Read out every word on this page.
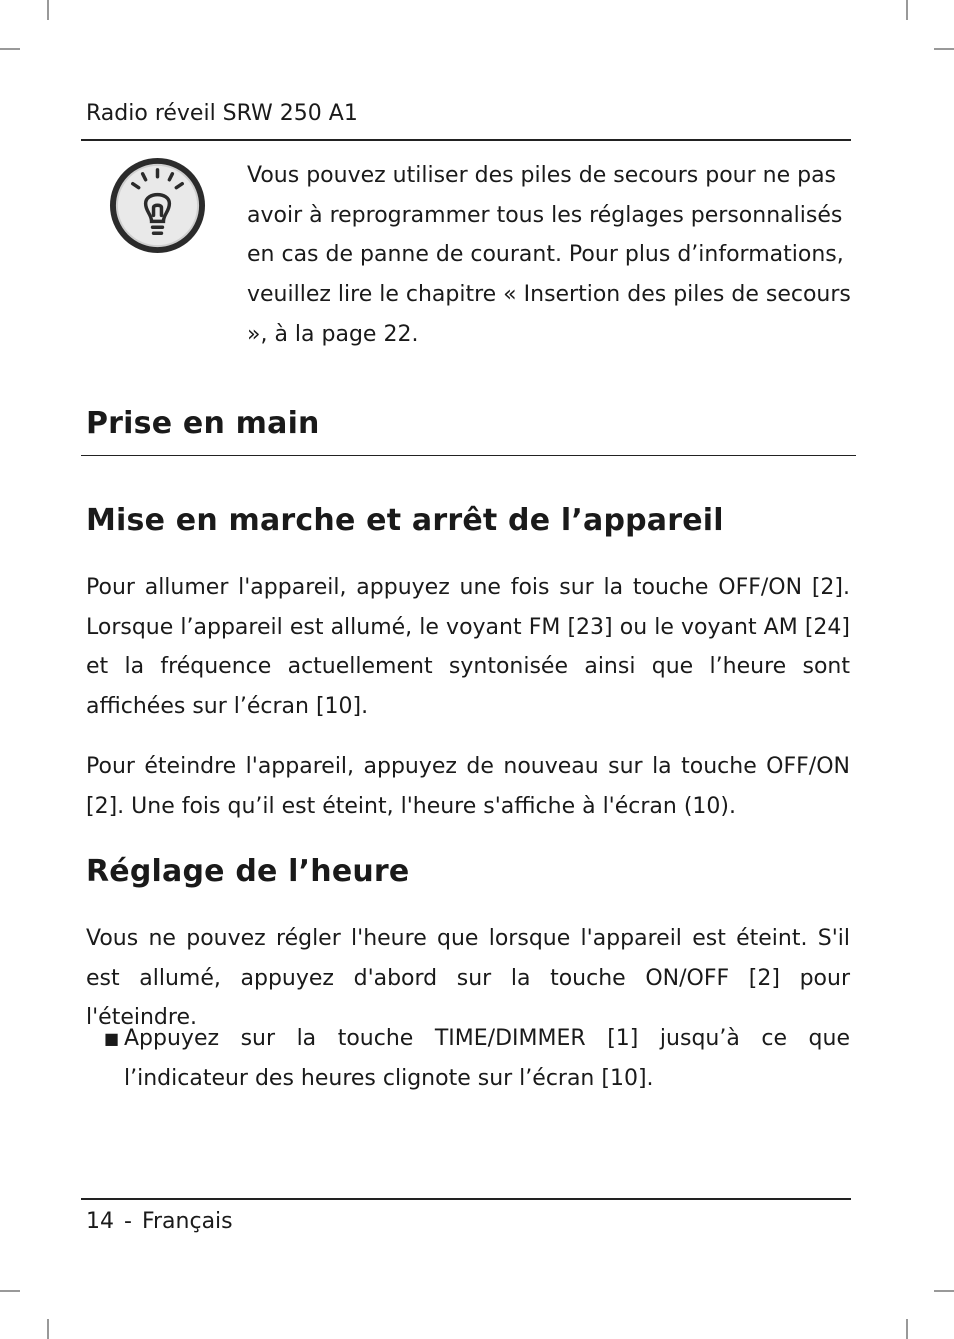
Radio réveil SRW 250 A1

Vous pouvez utiliser des piles de secours pour ne pas avoir à reprogrammer tous les réglages personnalisés en cas de panne de courant. Pour plus d’informations, veuillez lire le chapitre « Insertion des piles de secours », à la page 22.

Prise en main
Mise en marche et arrêt de l’appareil

Pour allumer l'appareil, appuyez une fois sur la touche OFF/ON [2]. Lorsque l’appareil est allumé, le voyant FM [23] ou le voyant AM [24] et la fréquence actuellement syntonisée ainsi que l’heure sont affichées sur l’écran [10].

Pour éteindre l'appareil, appuyez de nouveau sur la touche OFF/ON [2]. Une fois qu’il est éteint, l'heure s'affiche à l'écran (10).

Réglage de l’heure

Vous ne pouvez régler l'heure que lorsque l'appareil est éteint. S'il est allumé, appuyez d'abord sur la touche ON/OFF [2] pour l'éteindre.

■ Appuyez sur la touche TIME/DIMMER [1] jusqu’à ce que l’indicateur des heures clignote sur l’écran [10].

14 - Français
